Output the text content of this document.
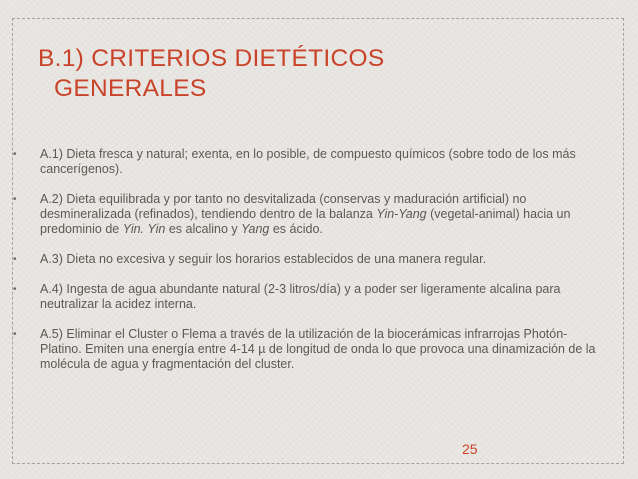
B.1) CRITERIOS DIETÉTICOS
GENERALES
• A.1) Dieta fresca y natural; exenta, en lo posible, de compuesto químicos (sobre todo de los más cancerígenos).
• A.2) Dieta equilibrada y por tanto no desvitalizada (conservas y maduración artificial) no desmineralizada (refinados), tendiendo dentro de la balanza Yin-Yang (vegetal-animal) hacia un predominio de Yin. Yin es alcalino y Yang es ácido.
• A.3) Dieta no excesiva y seguir los horarios establecidos de una manera regular.
• A.4) Ingesta de agua abundante natural (2-3 litros/día) y a poder ser ligeramente alcalina para neutralizar la acidez interna.
• A.5) Eliminar el Cluster o Flema a través de la utilización de la biocerámicas infrarrojas Photón-Platino. Emiten una energía entre 4-14 µ de longitud de onda lo que provoca una dinamización de la molécula de agua y fragmentación del cluster.
25
